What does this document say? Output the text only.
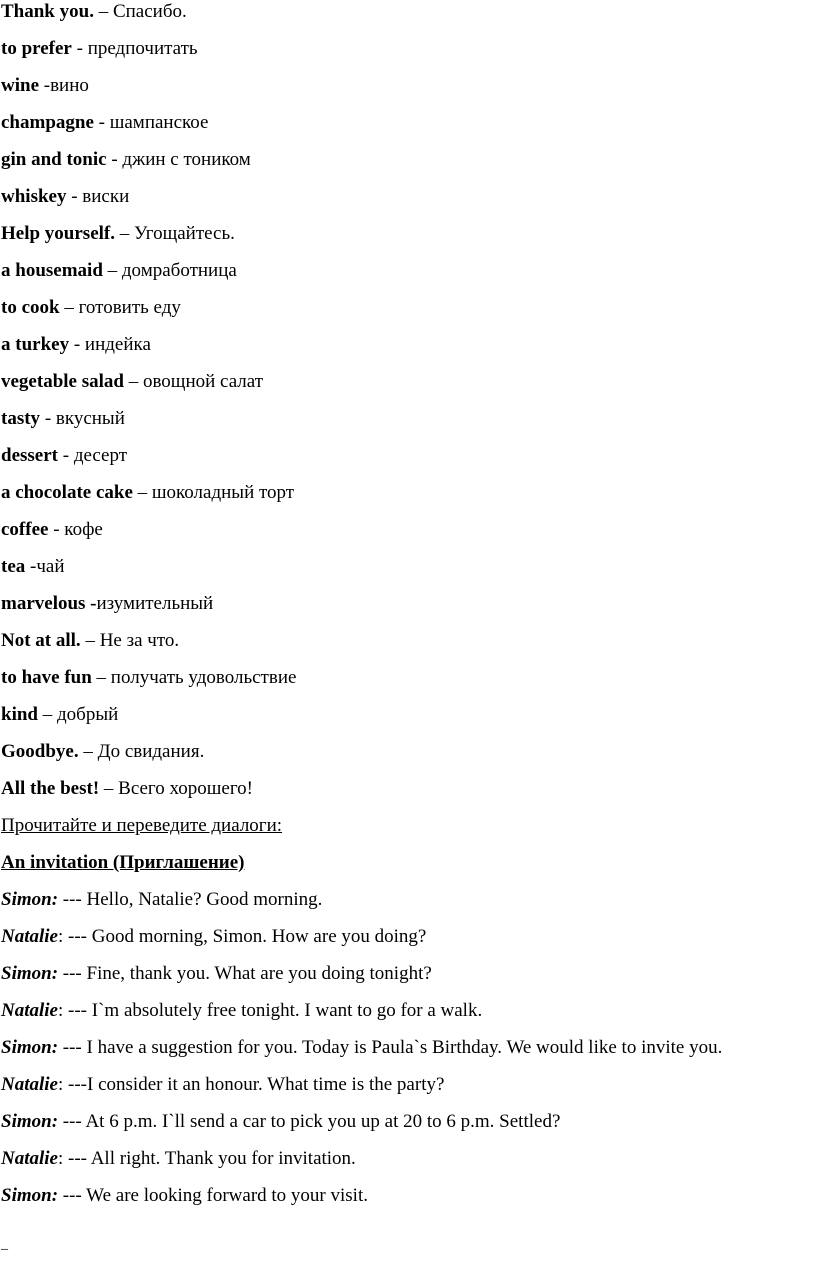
Thank you. – Спасибо.
to prefer - предпочитать
wine -вино
champagne - шампанское
gin and tonic - джин с тоником
whiskey - виски
Help yourself. – Угощайтесь.
a housemaid – домработница
to cook – готовить еду
a turkey - индейка
vegetable salad – овощной салат
tasty - вкусный
dessert - десерт
a chocolate cake – шоколадный торт
coffee - кофе
tea -чай
marvelous -изумительный
Not at all. – Не за что.
to have fun – получать удовольствие
kind – добрый
Goodbye. – До свидания.
All the best! – Всего хорошего!
Прочитайте и переведите диалоги:
An invitation (Приглашение)
Simon: --- Hello, Natalie? Good morning.
Natalie: --- Good morning, Simon. How are you doing?
Simon: --- Fine, thank you. What are you doing tonight?
Natalie: --- I`m absolutely free tonight. I want to go for a walk.
Simon: --- I have a suggestion for you. Today is Paula`s Birthday. We would like to invite you.
Natalie: ---I consider it an honour. What time is the party?
Simon: --- At 6 p.m. I`ll send a car to pick you up at 20 to 6 p.m. Settled?
Natalie: --- All right. Thank you for invitation.
Simon: --- We are looking forward to your visit.
_
